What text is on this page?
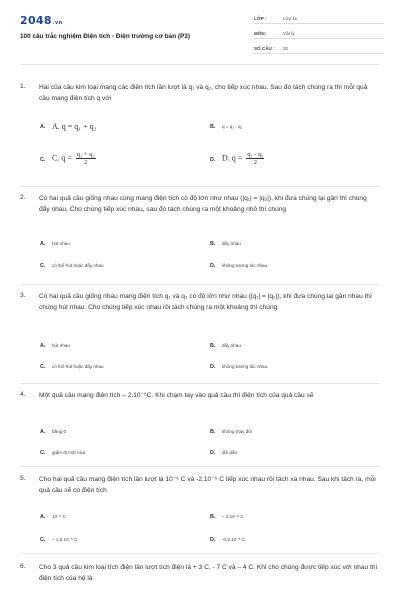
2048.vn
100 câu trắc nghiệm Điện tích - Điện trường cơ bản (P3)
LỚP :	Lớp 11
MÔN :	Vật lý
SỐ CÂU : 20
1. Hai của cầu kim loại mang các điện tích lần lượt là q₁ và q₂, cho tiếp xúc nhau. Sau đó tách chúng ra thì mỗi quả cầu mang điện tích q với
A. A. q = q₁ + q₂	B. q = q₁ - q₂
C. C. $q = \frac{\text{q₁ + q₂}}{2}$	D. D. $q = \frac{\text{q₁ - q₂}}{2}$
2. Có hai quả cầu giống nhau cùng mang điện tích có độ lớn như nhau (|q₁| = |q₂|), khi đưa chúng lại gần thì chúng đẩy nhau. Cho chúng tiếp xúc nhau, sau đó tách chúng ra một khoảng nhỏ thì chúng
A. hút nhau	B. đẩy nhau
C. có thể hút hoặc đẩy nhau	D. không tương tác nhau.
3. Có hai quả cầu giống nhau mang điện tích q₁ và q₂ có độ lớn như nhau (|q₁| = |q₂|), khi đưa chúng lại gần nhau thì chúng hút nhau. Cho chúng tiếp xúc nhau rồi tách chúng ra một khoảng thì chúng
A. hút nhau	B. đẩy nhau
C. có thể hút hoặc đẩy nhau	D. không tương tác nhau.
4. Một quả cầu mang điện tích – 2.10⁻⁶C. Khi chạm tay vào quả cầu thì điện tích của quả cầu sẽ
A. bằng 0	B. không thay đổi
C. giảm đi một nửa	D. đổi dấu
5. Cho hai quả cầu mang điện tích lần lượt là 10⁻⁶ C và -2.10⁻⁶ C tiếp xúc nhau rồi tách xa nhau. Sau khi tách ra, mỗi quả cầu sẽ có điện tích
A. 10⁻⁶ C	B. – 3.10⁻⁶ C
C. – 1,5.10⁻⁶ C	D. -0,5.10⁻⁶ C
6. Cho 3 quả cầu kim loại tích điện lần lượt tích điện là + 3 C, - 7 C và – 4 C. Khi cho chúng được tiếp xúc với nhau thì điện tích của hệ là
